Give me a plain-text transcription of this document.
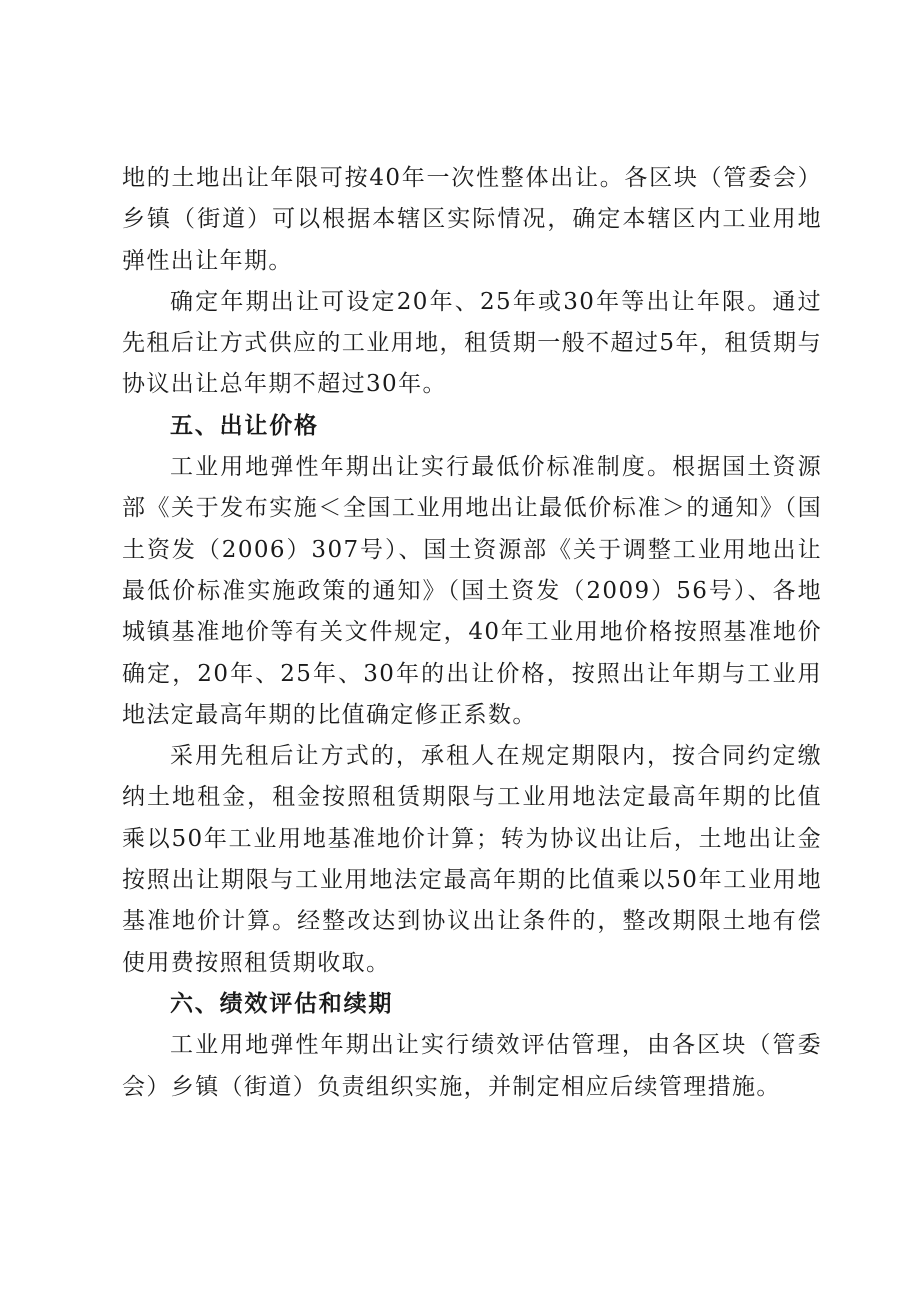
地的土地出让年限可按40年一次性整体出让。各区块（管委会）乡镇（街道）可以根据本辖区实际情况，确定本辖区内工业用地弹性出让年期。

确定年期出让可设定20年、25年或30年等出让年限。通过先租后让方式供应的工业用地，租赁期一般不超过5年，租赁期与协议出让总年期不超过30年。

五、出让价格

工业用地弹性年期出让实行最低价标准制度。根据国土资源部《关于发布实施＜全国工业用地出让最低价标准＞的通知》（国土资发（2006）307号）、国土资源部《关于调整工业用地出让最低价标准实施政策的通知》（国土资发（2009）56号）、各地城镇基准地价等有关文件规定，40年工业用地价格按照基准地价确定，20年、25年、30年的出让价格，按照出让年期与工业用地法定最高年期的比值确定修正系数。

采用先租后让方式的，承租人在规定期限内，按合同约定缴纳土地租金，租金按照租赁期限与工业用地法定最高年期的比值乘以50年工业用地基准地价计算；转为协议出让后，土地出让金按照出让期限与工业用地法定最高年期的比值乘以50年工业用地基准地价计算。经整改达到协议出让条件的，整改期限土地有偿使用费按照租赁期收取。

六、绩效评估和续期

工业用地弹性年期出让实行绩效评估管理，由各区块（管委会）乡镇（街道）负责组织实施，并制定相应后续管理措施。
